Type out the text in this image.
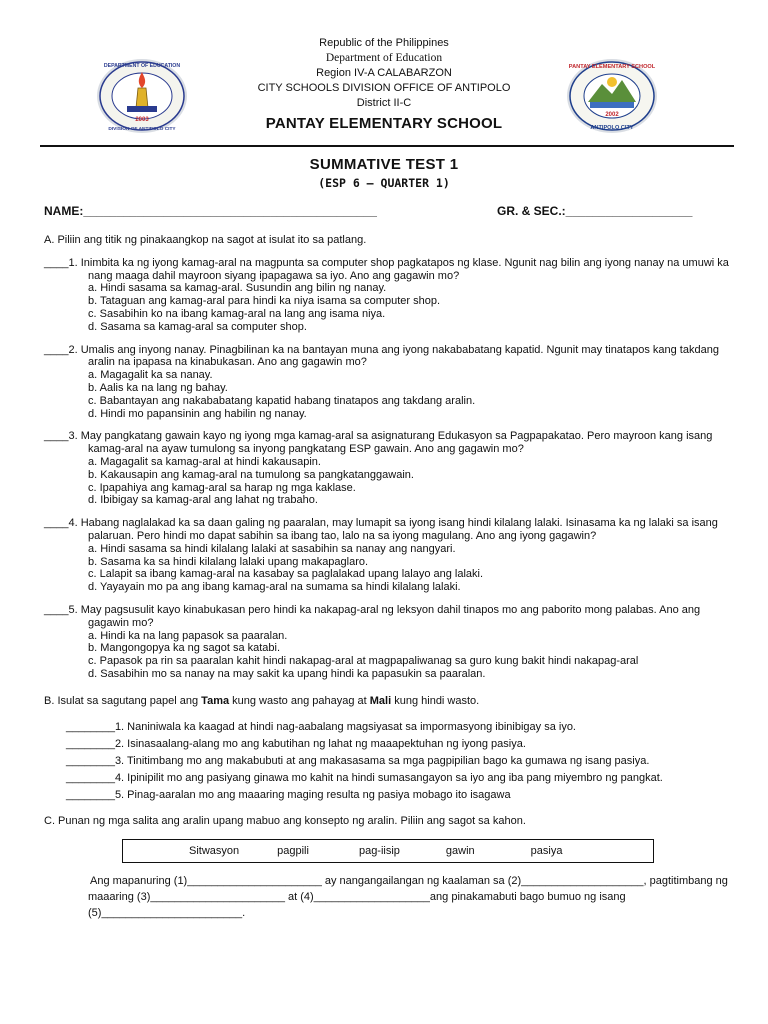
2003
DEPARTMENT OF EDUCATION
DIVISION OF ANTIPOLO CITY
2002
PANTAY ELEMENTARY SCHOOL
ANTIPOLO CITY
Republic of the Philippines
Department of Education
Region IV-A CALABARZON
CITY SCHOOLS DIVISION OFFICE OF ANTIPOLO
District II-C
PANTAY ELEMENTARY SCHOOL
SUMMATIVE TEST 1
(ESP 6 – QUARTER 1)
NAME:____________________________________________	GR. & SEC.:___________________
A. Piliin ang titik ng pinakaangkop na sagot at isulat ito sa patlang.
____1. Inimbita ka ng iyong kamag-aral na magpunta sa computer shop pagkatapos ng klase. Ngunit nag bilin ang iyong nanay na umuwi ka nang maaga dahil mayroon siyang ipapagawa sa iyo. Ano ang gagawin mo?
a. Hindi sasama sa kamag-aral. Susundin ang bilin ng nanay.
b. Tataguan ang kamag-aral para hindi ka niya isama sa computer shop.
c. Sasabihin ko na ibang kamag-aral na lang ang isama niya.
d. Sasama sa kamag-aral sa computer shop.
____2. Umalis ang inyong nanay. Pinagbilinan ka na bantayan muna ang iyong nakababatang kapatid. Ngunit may tinatapos kang takdang aralin na ipapasa na kinabukasan. Ano ang gagawin mo?
a. Magagalit ka sa nanay.
b. Aalis ka na lang ng bahay.
c. Babantayan ang nakababatang kapatid habang tinatapos ang takdang aralin.
d. Hindi mo papansinin ang habilin ng nanay.
____3. May pangkatang gawain kayo ng iyong mga kamag-aral sa asignaturang Edukasyon sa Pagpapakatao. Pero mayroon kang isang kamag-aral na ayaw tumulong sa inyong pangkatang ESP gawain. Ano ang gagawin mo?
a. Magagalit sa kamag-aral at hindi kakausapin.
b. Kakausapin ang kamag-aral na tumulong sa pangkatanggawain.
c. Ipapahiya ang kamag-aral sa harap ng mga kaklase.
d. Ibibigay sa kamag-aral ang lahat ng trabaho.
____4. Habang naglalakad ka sa daan galing ng paaralan, may lumapit sa iyong isang hindi kilalang lalaki. Isinasama ka ng lalaki sa isang palaruan. Pero hindi mo dapat sabihin sa ibang tao, lalo na sa iyong magulang. Ano ang iyong gagawin?
a. Hindi sasama sa hindi kilalang lalaki at sasabihin sa nanay ang nangyari.
b. Sasama ka sa hindi kilalang lalaki upang makapaglaro.
c. Lalapit sa ibang kamag-aral na kasabay sa paglalakad upang lalayo ang lalaki.
d. Yayayain mo pa ang ibang kamag-aral na sumama sa hindi kilalang lalaki.
____5. May pagsusulit kayo kinabukasan pero hindi ka nakapag-aral ng leksyon dahil tinapos mo ang paborito mong palabas. Ano ang gagawin mo?
a. Hindi ka na lang papasok sa paaralan.
b. Mangongopya ka ng sagot sa katabi.
c. Papasok pa rin sa paaralan kahit hindi nakapag-aral at magpapaliwanag sa guro kung bakit hindi nakapag-aral
d. Sasabihin mo sa nanay na may sakit ka upang hindi ka papasukin sa paaralan.
B. Isulat sa sagutang papel ang Tama kung wasto ang pahayag at Mali kung hindi wasto.
________1. Naniniwala ka kaagad at hindi nag-aabalang magsiyasat sa impormasyong ibinibigay sa iyo.
________2. Isinasaalang-alang mo ang kabutihan ng lahat ng maaapektuhan ng iyong pasiya.
________3. Tinitimbang mo ang makabubuti at ang makasasama sa mga pagpipilian bago ka gumawa ng isang pasiya.
________4. Ipinipilit mo ang pasiyang ginawa mo kahit na hindi sumasangayon sa iyo ang iba pang miyembro ng pangkat.
________5. Pinag-aaralan mo ang maaaring maging resulta ng pasiya mobago ito isagawa
C. Punan ng mga salita ang aralin upang mabuo ang konsepto ng aralin. Piliin ang sagot sa kahon.
Sitwasyon	pagpili	pag-iisip	gawin	pasiya
Ang mapanuring (1)______________________ ay nangangailangan ng kaalaman sa (2)____________________, pagtitimbang ng maaaring (3)______________________ at (4)___________________ang pinakamabuti bago bumuo ng isang (5)_______________________.
